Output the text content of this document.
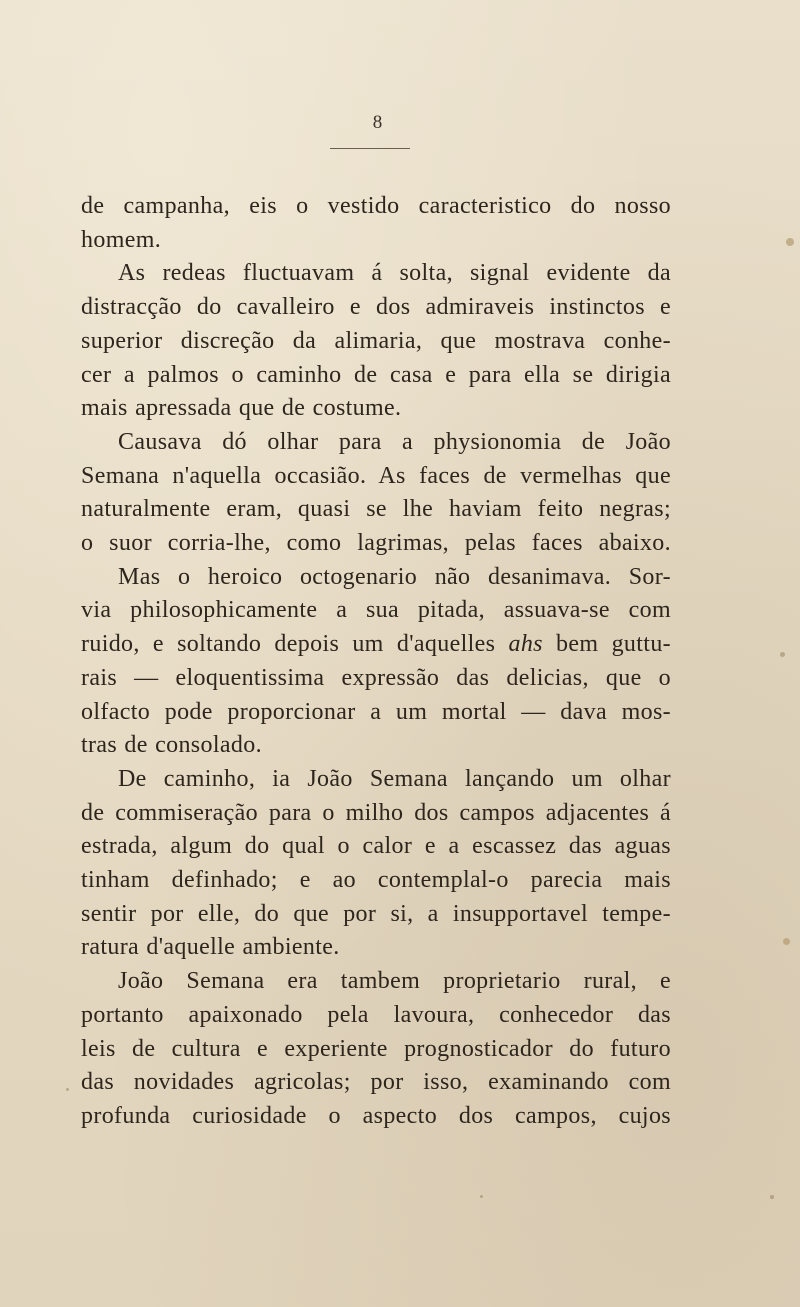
8

de campanha, eis o vestido caracteristico do nosso

homem.

As redeas fluctuavam á solta, signal evidente da

distracção do cavalleiro e dos admiraveis instinctos e

superior discreção da alimaria, que mostrava conhe-

cer a palmos o caminho de casa e para ella se dirigia

mais apressada que de costume.

Causava dó olhar para a physionomia de João

Semana n'aquella occasião. As faces de vermelhas que

naturalmente eram, quasi se lhe haviam feito negras;

o suor corria-lhe, como lagrimas, pelas faces abaixo.

Mas o heroico octogenario não desanimava. Sor-

via philosophicamente a sua pitada, assuava-se com

ruido, e soltando depois um d'aquelles ahs bem guttu-

rais — eloquentissima expressão das delicias, que o

olfacto pode proporcionar a um mortal — dava mos-

tras de consolado.

De caminho, ia João Semana lançando um olhar

de commiseração para o milho dos campos adjacentes á

estrada, algum do qual o calor e a escassez das aguas

tinham definhado; e ao contemplal-o parecia mais

sentir por elle, do que por si, a insupportavel tempe-

ratura d'aquelle ambiente.

João Semana era tambem proprietario rural, e

portanto apaixonado pela lavoura, conhecedor das

leis de cultura e experiente prognosticador do futuro

das novidades agricolas; por isso, examinando com

profunda curiosidade o aspecto dos campos, cujos
